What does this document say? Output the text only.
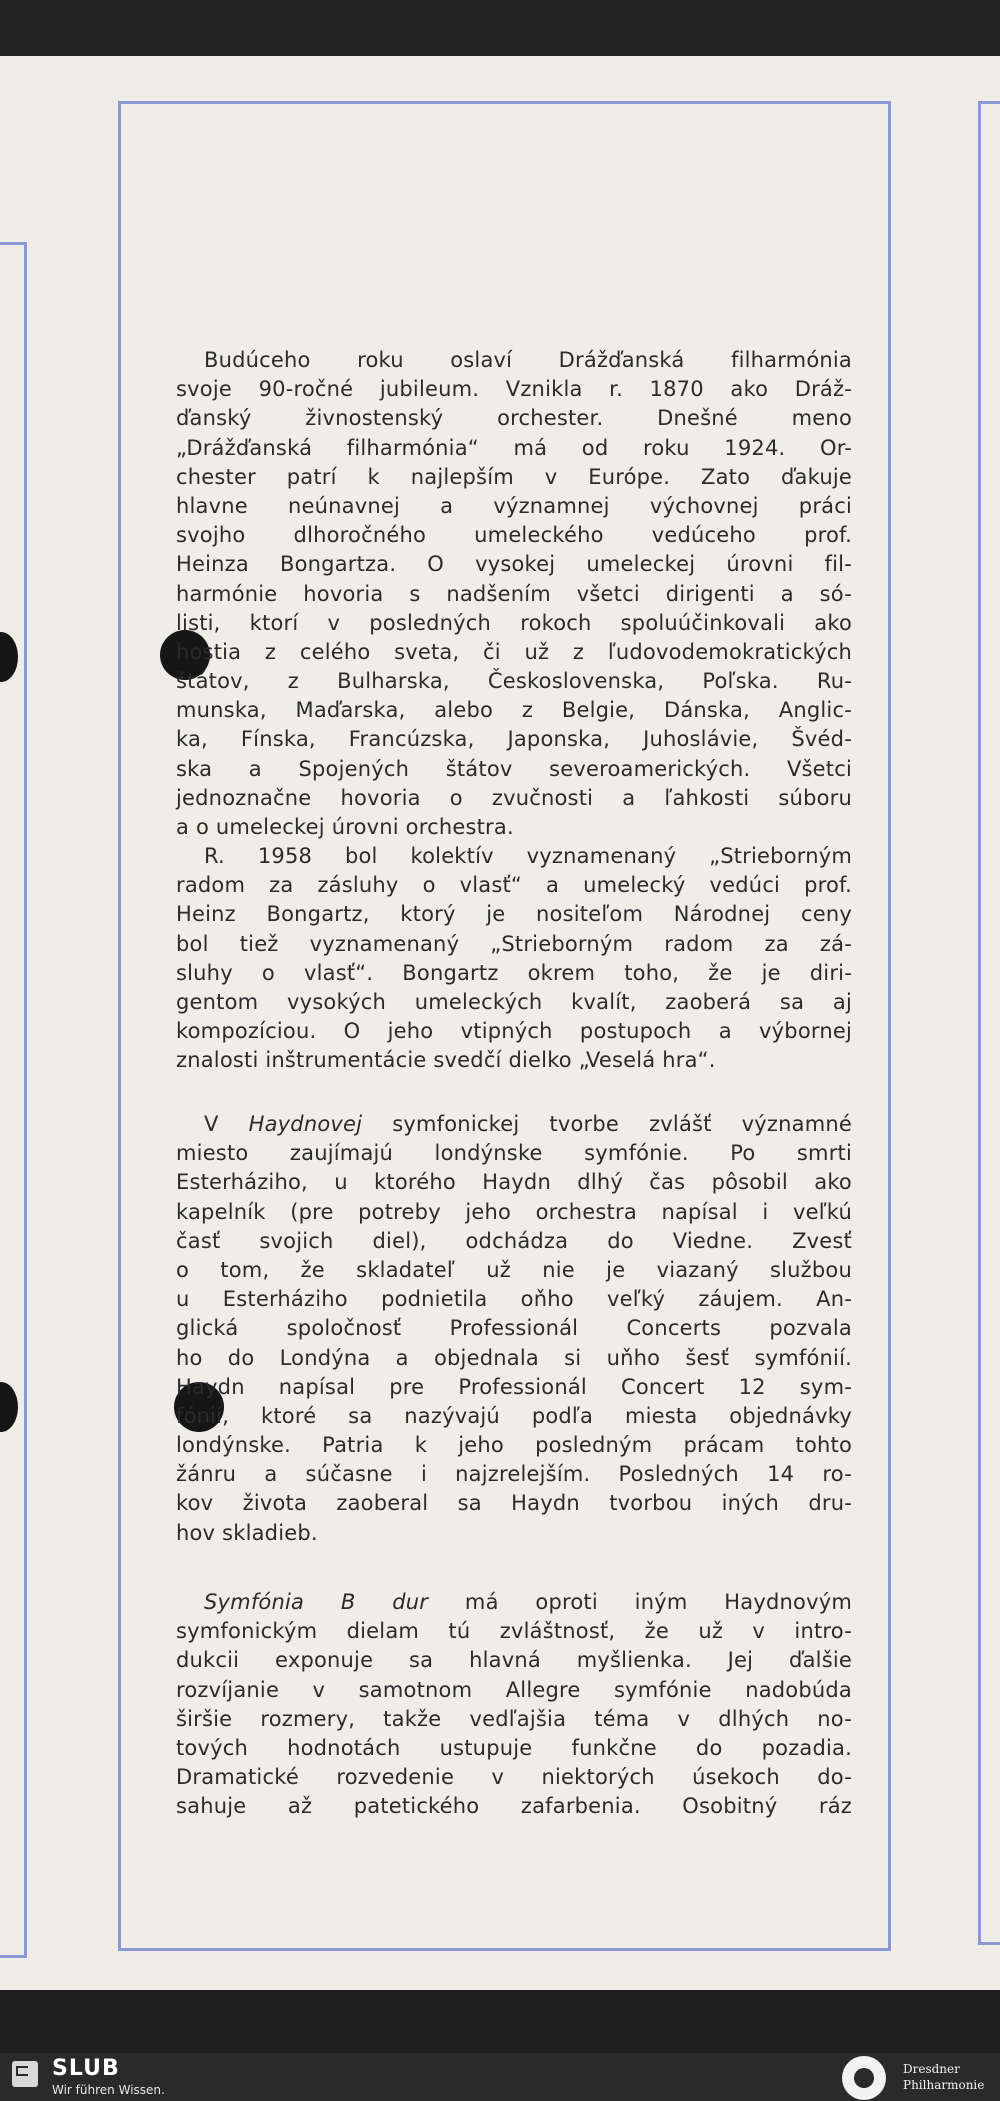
Budúceho roku oslaví Drážďanská filharmónia
svoje 90-ročné jubileum. Vznikla r. 1870 ako Dráž-
ďanský živnostenský orchester. Dnešné meno
„Drážďanská filharmónia“ má od roku 1924. Or-
chester patrí k najlepším v Európe. Zato ďakuje
hlavne neúnavnej a významnej výchovnej práci
svojho dlhoročného umeleckého vedúceho prof.
Heinza Bongartza. O vysokej umeleckej úrovni fil-
harmónie hovoria s nadšením všetci dirigenti a só-
listi, ktorí v posledných rokoch spoluúčinkovali ako
hostia z celého sveta, či už z ľudovodemokratických
štátov, z Bulharska, Československa, Poľska. Ru-
munska, Maďarska, alebo z Belgie, Dánska, Anglic-
ka, Fínska, Francúzska, Japonska, Juhoslávie, Švéd-
ska a Spojených štátov severoamerických. Všetci
jednoznačne hovoria o zvučnosti a ľahkosti súboru
a o umeleckej úrovni orchestra.
R. 1958 bol kolektív vyznamenaný „Strieborným
radom za zásluhy o vlasť“ a umelecký vedúci prof.
Heinz Bongartz, ktorý je nositeľom Národnej ceny
bol tiež vyznamenaný „Strieborným radom za zá-
sluhy o vlasť“. Bongartz okrem toho, že je diri-
gentom vysokých umeleckých kvalít, zaoberá sa aj
kompozíciou. O jeho vtipných postupoch a výbornej
znalosti inštrumentácie svedčí dielko „Veselá hra“.
V Haydnovej symfonickej tvorbe zvlášť významné
miesto zaujímajú londýnske symfónie. Po smrti
Esterháziho, u ktorého Haydn dlhý čas pôsobil ako
kapelník (pre potreby jeho orchestra napísal i veľkú
časť svojich diel), odchádza do Viedne. Zvesť
o tom, že skladateľ už nie je viazaný službou
u Esterháziho podnietila oňho veľký záujem. An-
glická spoločnosť Professionál Concerts pozvala
ho do Londýna a objednala si uňho šesť symfónií.
Haydn napísal pre Professionál Concert 12 sym-
fónií, ktoré sa nazývajú podľa miesta objednávky
londýnske. Patria k jeho posledným prácam tohto
žánru a súčasne i najzrelejším. Posledných 14 ro-
kov života zaoberal sa Haydn tvorbou iných dru-
hov skladieb.
Symfónia B dur má oproti iným Haydnovým
symfonickým dielam tú zvláštnosť, že už v intro-
dukcii exponuje sa hlavná myšlienka. Jej ďalšie
rozvíjanie v samotnom Allegre symfónie nadobúda
širšie rozmery, takže vedľajšia téma v dlhých no-
tových hodnotách ustupuje funkčne do pozadia.
Dramatické rozvedenie v niektorých úsekoch do-
sahuje až patetického zafarbenia. Osobitný ráz
SLUB
Wir führen Wissen.
Dresdner
Philharmonie
